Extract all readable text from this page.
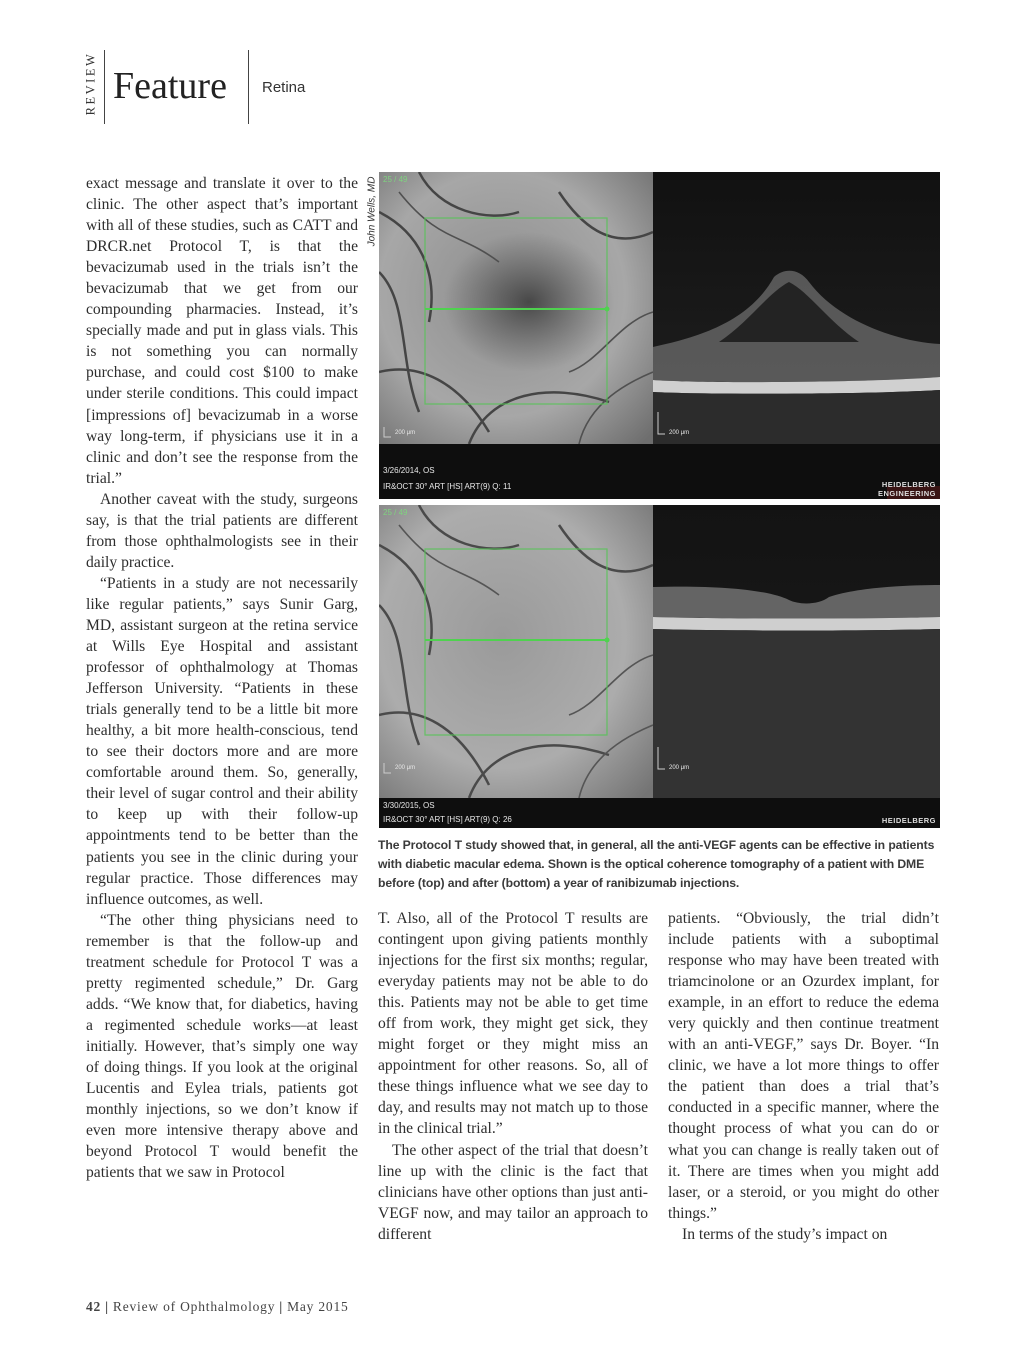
REVIEW Feature Retina

exact message and translate it over to the clinic. The other aspect that’s important with all of these studies, such as CATT and DRCR.net Protocol T, is that the bevacizumab used in the trials isn’t the bevacizumab that we get from our compounding pharmacies. Instead, it’s specially made and put in glass vials. This is not something you can normally purchase, and could cost $100 to make under sterile conditions. This could impact [impressions of] bevacizumab in a worse way long-term, if physicians use it in a clinic and don’t see the response from the trial.”

Another caveat with the study, surgeons say, is that the trial patients are different from those ophthalmologists see in their daily practice.

“Patients in a study are not necessarily like regular patients,” says Sunir Garg, MD, assistant surgeon at the retina service at Wills Eye Hospital and assistant professor of ophthalmology at Thomas Jefferson University. “Patients in these trials generally tend to be a little bit more healthy, a bit more health-conscious, tend to see their doctors more and are more comfortable around them. So, generally, their level of sugar control and their ability to keep up with their follow-up appointments tend to be better than the patients you see in the clinic during your regular practice. Those differences may influence outcomes, as well.

“The other thing physicians need to remember is that the follow-up and treatment schedule for Protocol T was a pretty regimented schedule,” Dr. Garg adds. “We know that, for diabetics, having a regimented schedule works—at least initially. However, that’s simply one way of doing things. If you look at the original Lucentis and Eylea trials, patients got monthly injections, so we don’t know if even more intensive therapy above and beyond Protocol T would benefit the patients that we saw in Protocol

John Wells, MD 25 / 49
200 μm	200 μm
3/26/2014, OS
IR&OCT 30° ART [HS] ART(9) Q: 11	HEIDELBERG
ENGINEERING
25 / 49
200 μm	200 μm
3/30/2015, OS
IR&OCT 30° ART [HS] ART(9) Q: 26	HEIDELBERG
The Protocol T study showed that, in general, all the anti-VEGF agents can be effective in patients with diabetic macular edema. Shown is the optical coherence tomography of a patient with DME before (top) and after (bottom) a year of ranibizumab injections.

T. Also, all of the Protocol T results are contingent upon giving patients monthly injections for the first six months; regular, everyday patients may not be able to do this. Patients may not be able to get time off from work, they might get sick, they might forget or they might miss an appointment for other reasons. So, all of these things influence what we see day to day, and results may not match up to those in the clinical trial.”

The other aspect of the trial that doesn’t line up with the clinic is the fact that clinicians have other options than just anti-VEGF now, and may tailor an approach to different

patients. “Obviously, the trial didn’t include patients with a suboptimal response who may have been treated with triamcinolone or an Ozurdex implant, for example, in an effort to reduce the edema very quickly and then continue treatment with an anti-VEGF,” says Dr. Boyer. “In clinic, we have a lot more things to offer the patient than does a trial that’s conducted in a specific manner, where the thought process of what you can do or what you can change is really taken out of it. There are times when you might add laser, or a steroid, or you might do other things.”

In terms of the study’s impact on

42 | Review of Ophthalmology | May 2015
